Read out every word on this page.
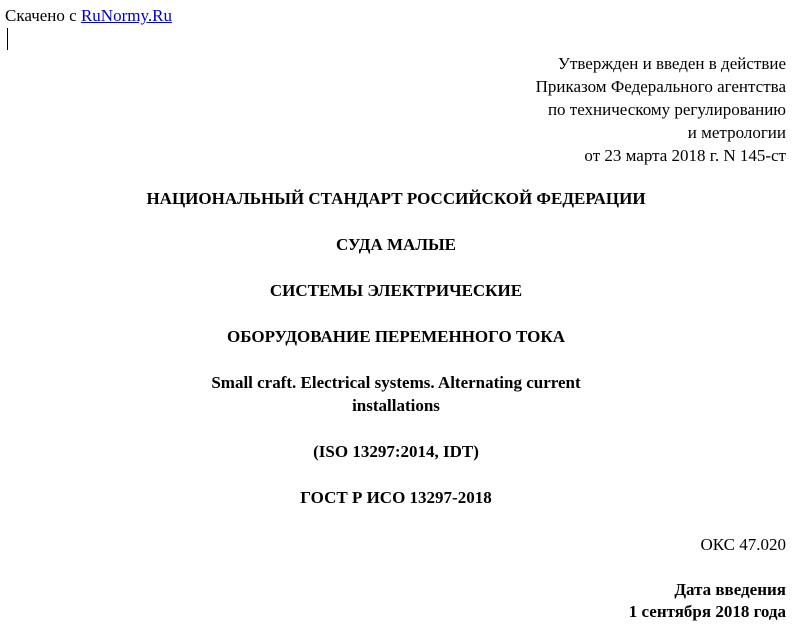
Скачено с RuNormy.Ru
Утвержден и введен в действие
Приказом Федерального агентства
по техническому регулированию
и метрологии
от 23 марта 2018 г. N 145-ст
НАЦИОНАЛЬНЫЙ СТАНДАРТ РОССИЙСКОЙ ФЕДЕРАЦИИ
СУДА МАЛЫЕ
СИСТЕМЫ ЭЛЕКТРИЧЕСКИЕ
ОБОРУДОВАНИЕ ПЕРЕМЕННОГО ТОКА
Small craft. Electrical systems. Alternating current
installations
(ISO 13297:2014, IDT)
ГОСТ Р ИСО 13297-2018
ОКС 47.020
Дата введения
1 сентября 2018 года
